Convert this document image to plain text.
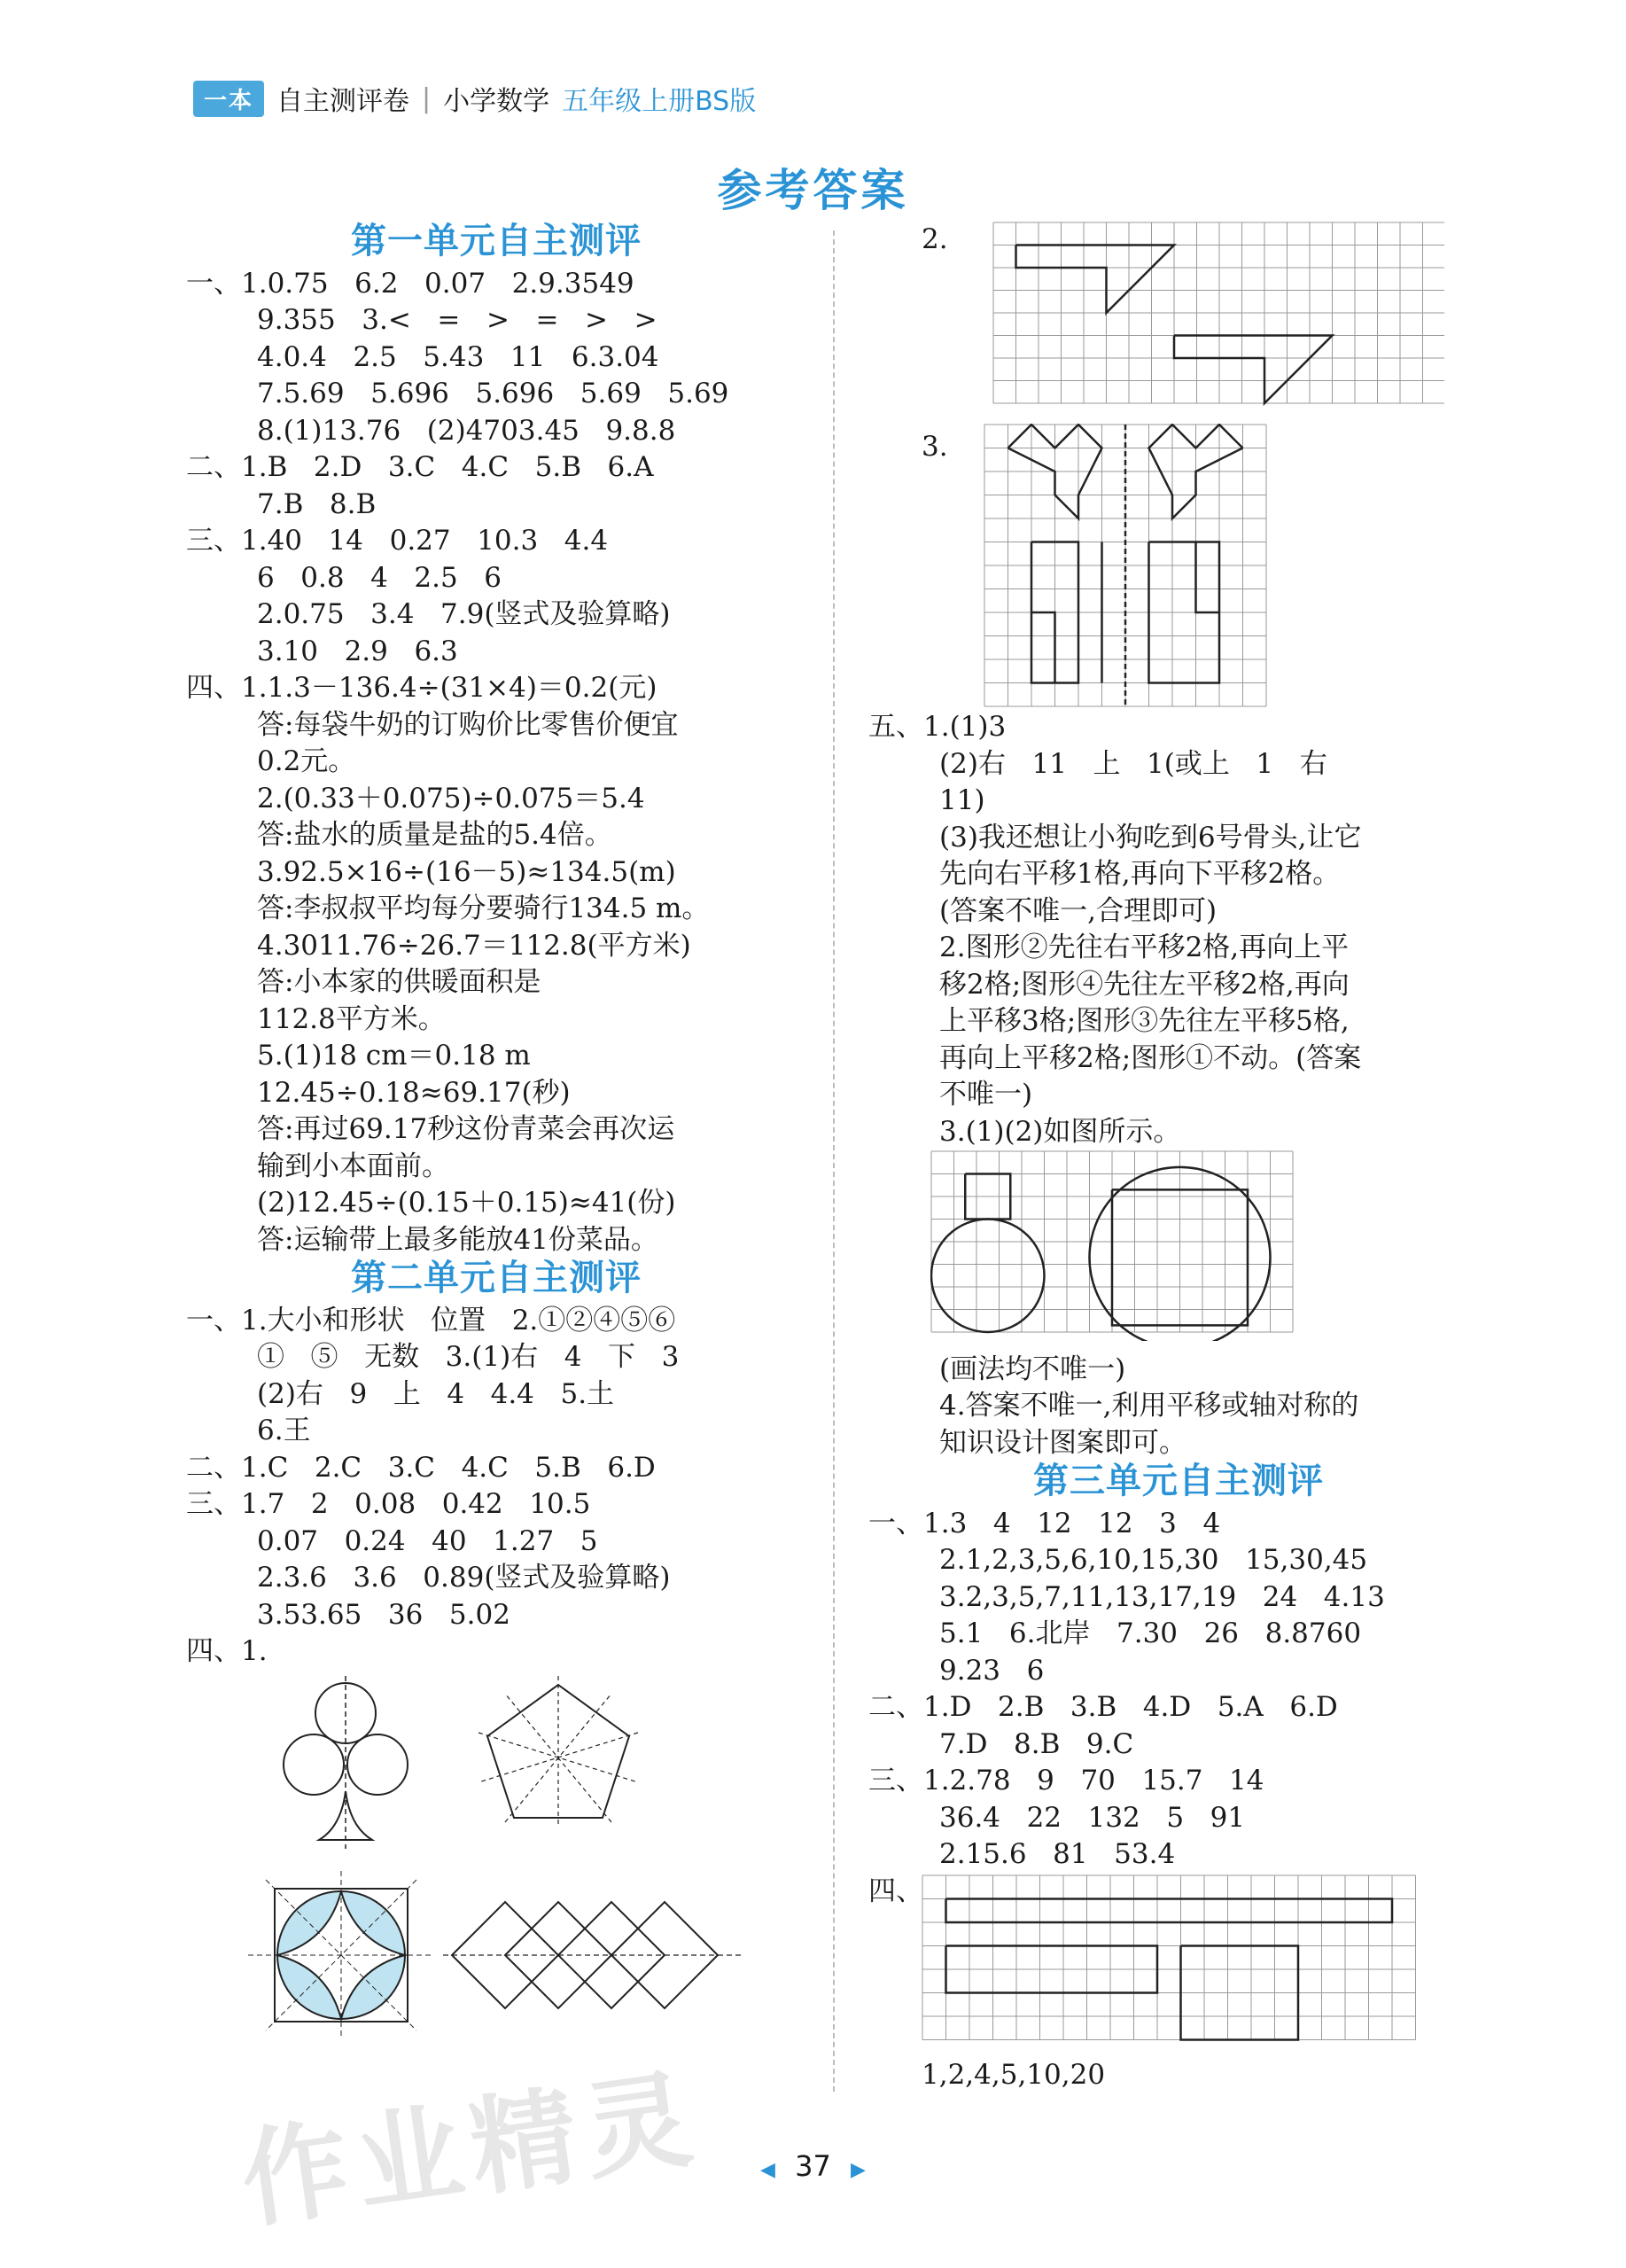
一本 自主测评卷 | 小学数学 五年级上册BS版
参考答案
第一单元自主测评
一、1.0.75   6.2   0.07   2.9.3549
9.355   3.<   =   >   =   >   >
4.0.4   2.5   5.43   11   6.3.04
7.5.69   5.696   5.696   5.69   5.69
8.(1)13.76   (2)4703.45   9.8.8
二、1.B   2.D   3.C   4.C   5.B   6.A
7.B   8.B
三、1.40   14   0.27   10.3   4.4
6   0.8   4   2.5   6
2.0.75   3.4   7.9(竖式及验算略)
3.10   2.9   6.3
四、1.1.3－136.4÷(31×4)＝0.2(元)
答:每袋牛奶的订购价比零售价便宜
0.2元。
2.(0.33＋0.075)÷0.075＝5.4
答:盐水的质量是盐的5.4倍。
3.92.5×16÷(16－5)≈134.5(m)
答:李叔叔平均每分要骑行134.5 m。
4.3011.76÷26.7＝112.8(平方米)
答:小本家的供暖面积是
112.8平方米。
5.(1)18 cm＝0.18 m
12.45÷0.18≈69.17(秒)
答:再过69.17秒这份青菜会再次运
输到小本面前。
(2)12.45÷(0.15＋0.15)≈41(份)
答:运输带上最多能放41份菜品。
第二单元自主测评
一、1.大小和形状   位置   2.①②④⑤⑥
①   ⑤   无数   3.(1)右   4   下   3
(2)右   9   上   4   4.4   5.土
6.王
二、1.C   2.C   3.C   4.C   5.B   6.D
三、1.7   2   0.08   0.42   10.5
0.07   0.24   40   1.27   5
2.3.6   3.6   0.89(竖式及验算略)
3.53.65   36   5.02
四、1.
2.
3.
五、1.(1)3
(2)右   11   上   1(或上   1   右
11)
(3)我还想让小狗吃到6号骨头,让它
先向右平移1格,再向下平移2格。
(答案不唯一,合理即可)
2.图形②先往右平移2格,再向上平
移2格;图形④先往左平移2格,再向
上平移3格;图形③先往左平移5格,
再向上平移2格;图形①不动。(答案
不唯一)
3.(1)(2)如图所示。
(画法均不唯一)
4.答案不唯一,利用平移或轴对称的
知识设计图案即可。
第三单元自主测评
一、1.3   4   12   12   3   4
2.1,2,3,5,6,10,15,30   15,30,45
3.2,3,5,7,11,13,17,19   24   4.13
5.1   6.北岸   7.30   26   8.8760
9.23   6
二、1.D   2.B   3.B   4.D   5.A   6.D
7.D   8.B   9.C
三、1.2.78   9   70   15.7   14
36.4   22   132   5   91
2.15.6   81   53.4
四、
1,2,4,5,10,20
作业精灵	◀ 37 ▶
